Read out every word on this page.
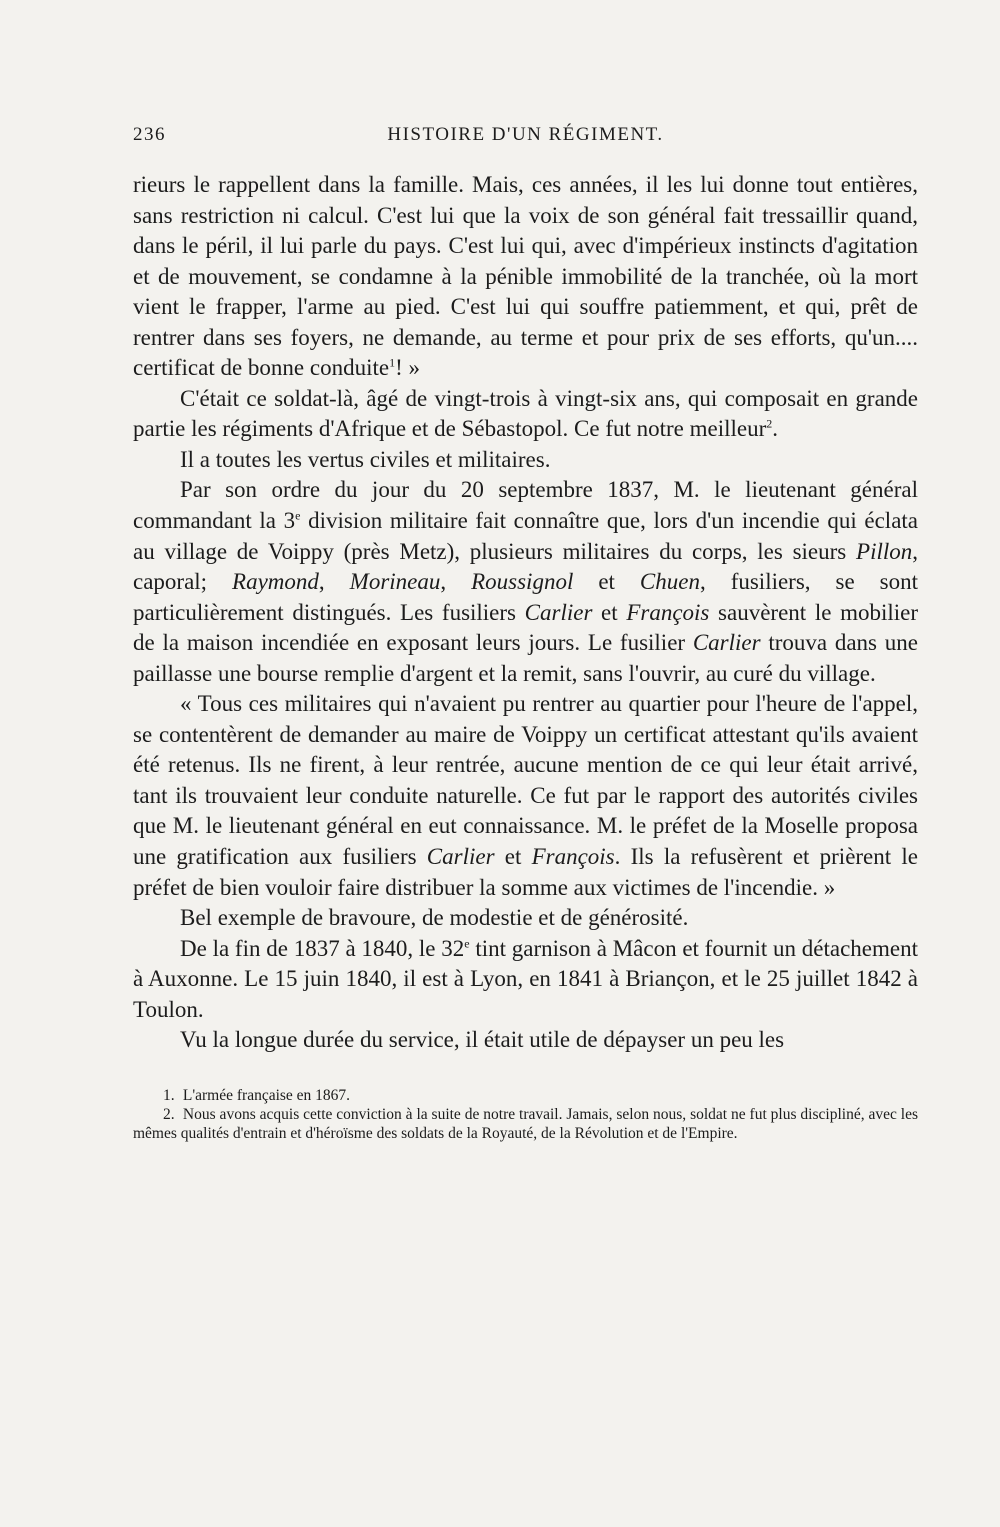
236	HISTOIRE D'UN RÉGIMENT.

rieurs le rappellent dans la famille. Mais, ces années, il les lui donne tout entières, sans restriction ni calcul. C'est lui que la voix de son général fait tressaillir quand, dans le péril, il lui parle du pays. C'est lui qui, avec d'impérieux instincts d'agitation et de mouvement, se condamne à la pénible immobilité de la tranchée, où la mort vient le frapper, l'arme au pied. C'est lui qui souffre patiemment, et qui, prêt de rentrer dans ses foyers, ne demande, au terme et pour prix de ses efforts, qu'un.... certificat de bonne conduite$^1$! »

C'était ce soldat-là, âgé de vingt-trois à vingt-six ans, qui composait en grande partie les régiments d'Afrique et de Sébastopol. Ce fut notre meilleur$^2$.

Il a toutes les vertus civiles et militaires.

Par son ordre du jour du 20 septembre 1837, M. le lieutenant général commandant la 3e division militaire fait connaître que, lors d'un incendie qui éclata au village de Voippy (près Metz), plusieurs militaires du corps, les sieurs Pillon, caporal; Raymond, Morineau, Roussignol et Chuen, fusiliers, se sont particulièrement distingués. Les fusiliers Carlier et François sauvèrent le mobilier de la maison incendiée en exposant leurs jours. Le fusilier Carlier trouva dans une paillasse une bourse remplie d'argent et la remit, sans l'ouvrir, au curé du village.

« Tous ces militaires qui n'avaient pu rentrer au quartier pour l'heure de l'appel, se contentèrent de demander au maire de Voippy un certificat attestant qu'ils avaient été retenus. Ils ne firent, à leur rentrée, aucune mention de ce qui leur était arrivé, tant ils trouvaient leur conduite naturelle. Ce fut par le rapport des autorités civiles que M. le lieutenant général en eut connaissance. M. le préfet de la Moselle proposa une gratification aux fusiliers Carlier et François. Ils la refusèrent et prièrent le préfet de bien vouloir faire distribuer la somme aux victimes de l'incendie. »

Bel exemple de bravoure, de modestie et de générosité.

De la fin de 1837 à 1840, le 32e tint garnison à Mâcon et fournit un détachement à Auxonne. Le 15 juin 1840, il est à Lyon, en 1841 à Briançon, et le 25 juillet 1842 à Toulon.

Vu la longue durée du service, il était utile de dépayser un peu les

1. L'armée française en 1867.

2. Nous avons acquis cette conviction à la suite de notre travail. Jamais, selon nous, soldat ne fut plus discipliné, avec les mêmes qualités d'entrain et d'héroïsme des soldats de la Royauté, de la Révolution et de l'Empire.
